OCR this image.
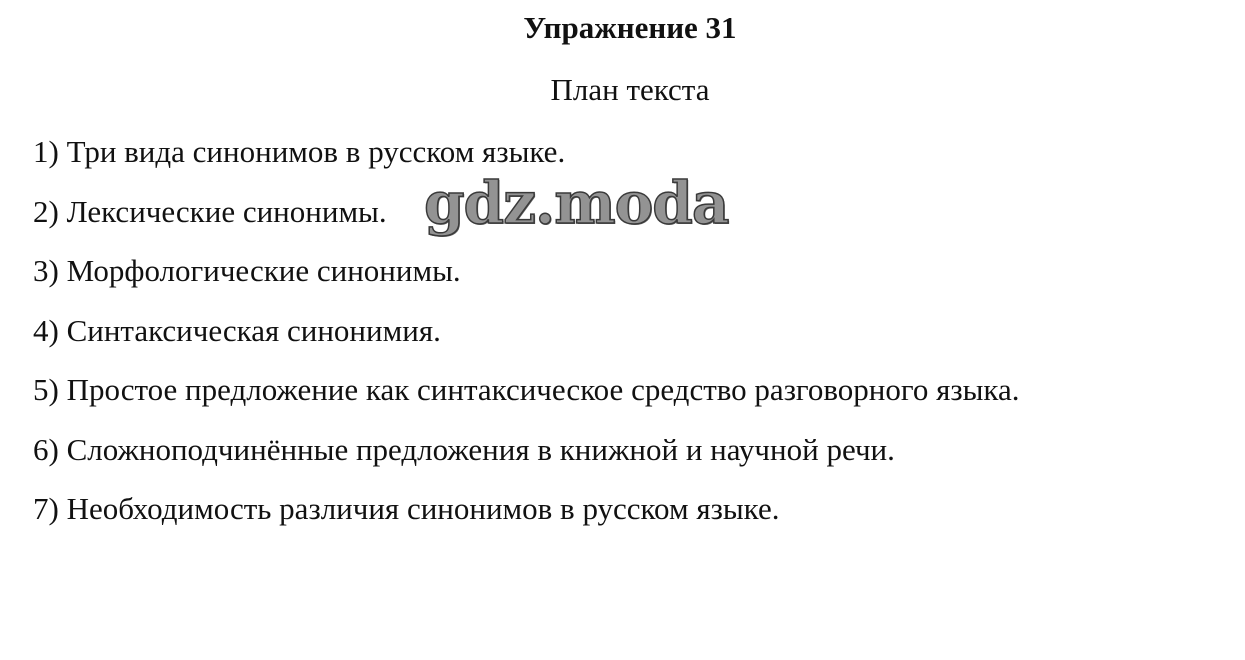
Упражнение 31
План текста
1) Три вида синонимов в русском языке.
2) Лексические синонимы.
3) Морфологические синонимы.
4) Синтаксическая синонимия.
5) Простое предложение как синтаксическое средство разговорного языка.
6) Сложноподчинённые предложения в книжной и научной речи.
7) Необходимость различия синонимов в русском языке.
gdz.moda
